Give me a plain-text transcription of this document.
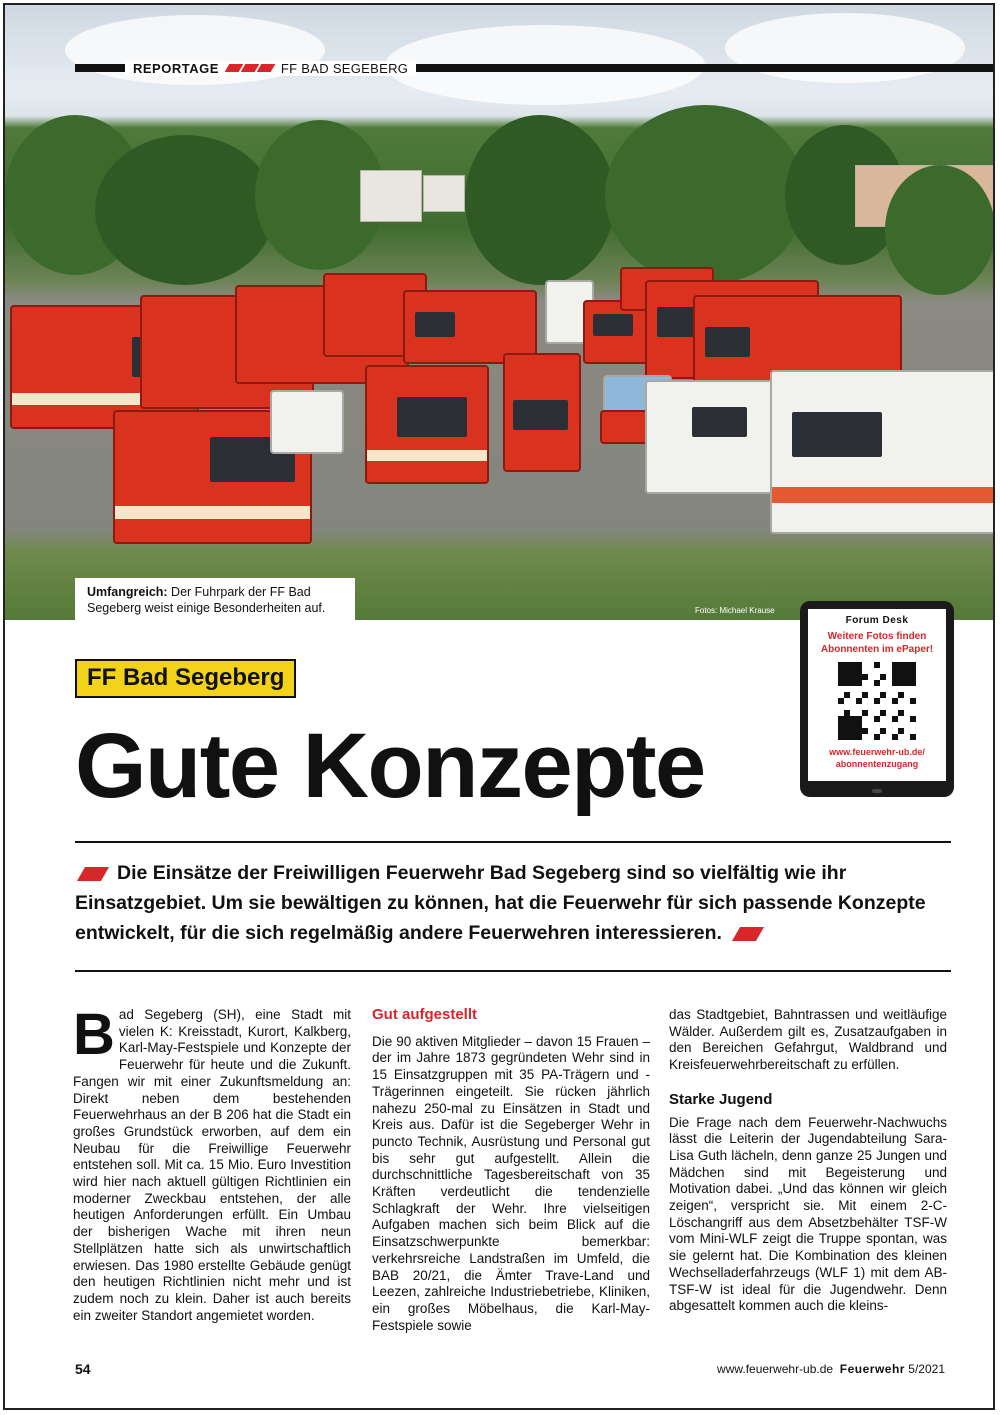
REPORTAGE	FF BAD SEGEBERG
Umfangreich: Der Fuhrpark der FF Bad Segeberg weist einige Besonderheiten auf.	Fotos: Michael Krause
Forum Desk
Weitere Fotos finden
Abonnenten im ePaper!
www.feuerwehr-ub.de/
abonnentenzugang
FF Bad Segeberg
Gute Konzepte
Die Einsätze der Freiwilligen Feuerwehr Bad Segeberg sind so vielfältig wie ihr Einsatzgebiet. Um sie bewältigen zu können, hat die Feuerwehr für sich passende Konzepte entwickelt, für die sich regelmäßig andere Feuerwehren interessieren.

Bad Segeberg (SH), eine Stadt mit vielen K: Kreisstadt, Kurort, Kalkberg, Karl-May-Festspiele und Konzepte der Feuerwehr für heute und die Zukunft. Fangen wir mit einer Zukunftsmeldung an: Direkt neben dem bestehenden Feuerwehrhaus an der B 206 hat die Stadt ein großes Grundstück erworben, auf dem ein Neubau für die Freiwillige Feuerwehr entstehen soll. Mit ca. 15 Mio. Euro Investition wird hier nach aktuell gültigen Richtlinien ein moderner Zweckbau entstehen, der alle heutigen Anforderungen erfüllt. Ein Umbau der bisherigen Wache mit ihren neun Stellplätzen hatte sich als unwirtschaftlich erwiesen. Das 1980 erstellte Gebäude genügt den heutigen Richtlinien nicht mehr und ist zudem noch zu klein. Daher ist auch bereits ein zweiter Standort angemietet worden.

Gut aufgestellt

Die 90 aktiven Mitglieder – davon 15 Frauen – der im Jahre 1873 gegründeten Wehr sind in 15 Einsatzgruppen mit 35 PA-Trägern und -Trägerinnen eingeteilt. Sie rücken jährlich nahezu 250-mal zu Einsätzen in Stadt und Kreis aus. Dafür ist die Segeberger Wehr in puncto Technik, Ausrüstung und Personal gut bis sehr gut aufgestellt. Allein die durchschnittliche Tagesbereitschaft von 35 Kräften verdeutlicht die tendenzielle Schlagkraft der Wehr. Ihre vielseitigen Aufgaben machen sich beim Blick auf die Einsatzschwerpunkte bemerkbar: verkehrsreiche Landstraßen im Umfeld, die BAB 20/21, die Ämter Trave-Land und Leezen, zahlreiche Industriebetriebe, Kliniken, ein großes Möbelhaus, die Karl-May-Festspiele sowie

das Stadtgebiet, Bahntrassen und weitläufige Wälder. Außerdem gilt es, Zusatzaufgaben in den Bereichen Gefahrgut, Waldbrand und Kreisfeuerwehrbereitschaft zu erfüllen.

Starke Jugend

Die Frage nach dem Feuerwehr-Nachwuchs lässt die Leiterin der Jugendabteilung Sara-Lisa Guth lächeln, denn ganze 25 Jungen und Mädchen sind mit Begeisterung und Motivation dabei. „Und das können wir gleich zeigen“, verspricht sie. Mit einem 2-C-Löschangriff aus dem Absetzbehälter TSF-W vom Mini-WLF zeigt die Truppe spontan, was sie gelernt hat. Die Kombination des kleinen Wechselladerfahrzeugs (WLF 1) mit dem AB-TSF-W ist ideal für die Jugendwehr. Denn abgesattelt kommen auch die kleins-

54	www.feuerwehr-ub.de Feuerwehr 5/2021
